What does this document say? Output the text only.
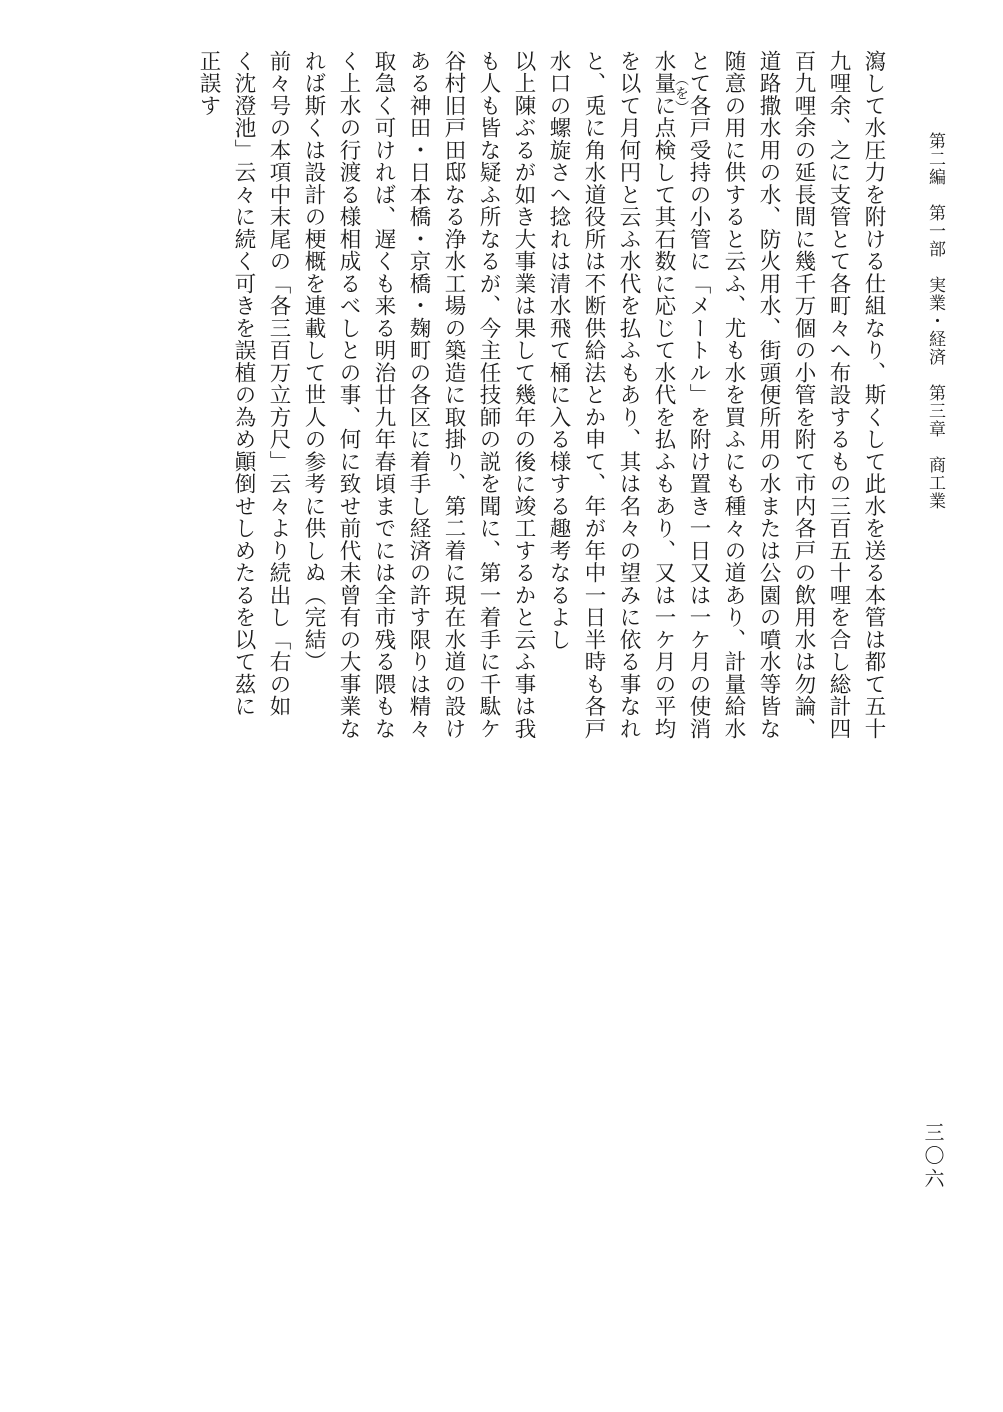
第二編　第一部　実業・経済　第三章　商工業
三〇六
瀉して水圧力を附ける仕組なり、斯くして此水を送る本管は都て五十
九哩余、之に支管とて各町々へ布設するもの三百五十哩を合し総計四
百九哩余の延長間に幾千万個の小管を附て市内各戸の飲用水は勿論、
道路撒水用の水、防火用水、街頭便所用の水または公園の噴水等皆な
随意の用に供すると云ふ、尤も水を買ふにも種々の道あり、計量給水
とて各戸受持の小管に「メートル」を附け置き一日又は一ケ月の使消
水量に点検して其石数に応じて水代を払ふもあり、又は一ケ月の平均
を以て月何円と云ふ水代を払ふもあり、其は名々の望みに依る事なれ
と、兎に角水道役所は不断供給法とか申て、年が年中一日半時も各戸
水口の螺旋さへ捻れは清水飛て桶に入る様する趣考なるよし
以上陳ぶるが如き大事業は果して幾年の後に竣工するかと云ふ事は我
も人も皆な疑ふ所なるが、今主任技師の説を聞に、第一着手に千駄ケ
谷村旧戸田邸なる浄水工場の築造に取掛り、第二着に現在水道の設け
ある神田・日本橋・京橋・麹町の各区に着手し経済の許す限りは精々
取急く可ければ、遅くも来る明治廿九年春頃までには全市残る隈もな
く上水の行渡る様相成るべしとの事、何に致せ前代未曾有の大事業な
れば斯くは設計の梗概を連載して世人の参考に供しぬ（完結）
前々号の本項中末尾の「各三百万立方尺」云々より続出し「右の如
く沈澄池」云々に続く可きを誤植の為め顚倒せしめたるを以て茲に
正誤す	（を）
